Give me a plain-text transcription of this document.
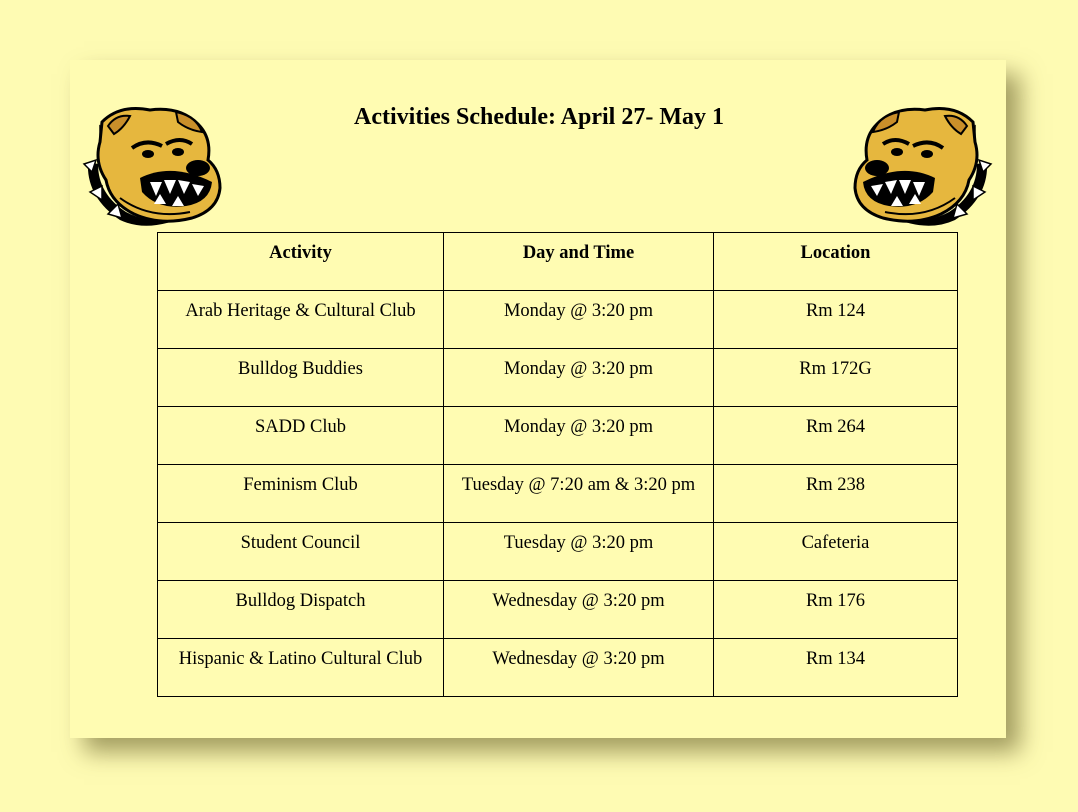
Activities Schedule: April 27- May 1
Activity	Day and Time	Location
Arab Heritage & Cultural Club	Monday @ 3:20 pm	Rm 124
Bulldog Buddies	Monday @ 3:20 pm	Rm 172G
SADD Club	Monday @ 3:20 pm	Rm 264
Feminism Club	Tuesday @ 7:20 am & 3:20 pm	Rm 238
Student Council	Tuesday @ 3:20 pm	Cafeteria
Bulldog Dispatch	Wednesday @ 3:20 pm	Rm 176
Hispanic & Latino Cultural Club	Wednesday @ 3:20 pm	Rm 134
